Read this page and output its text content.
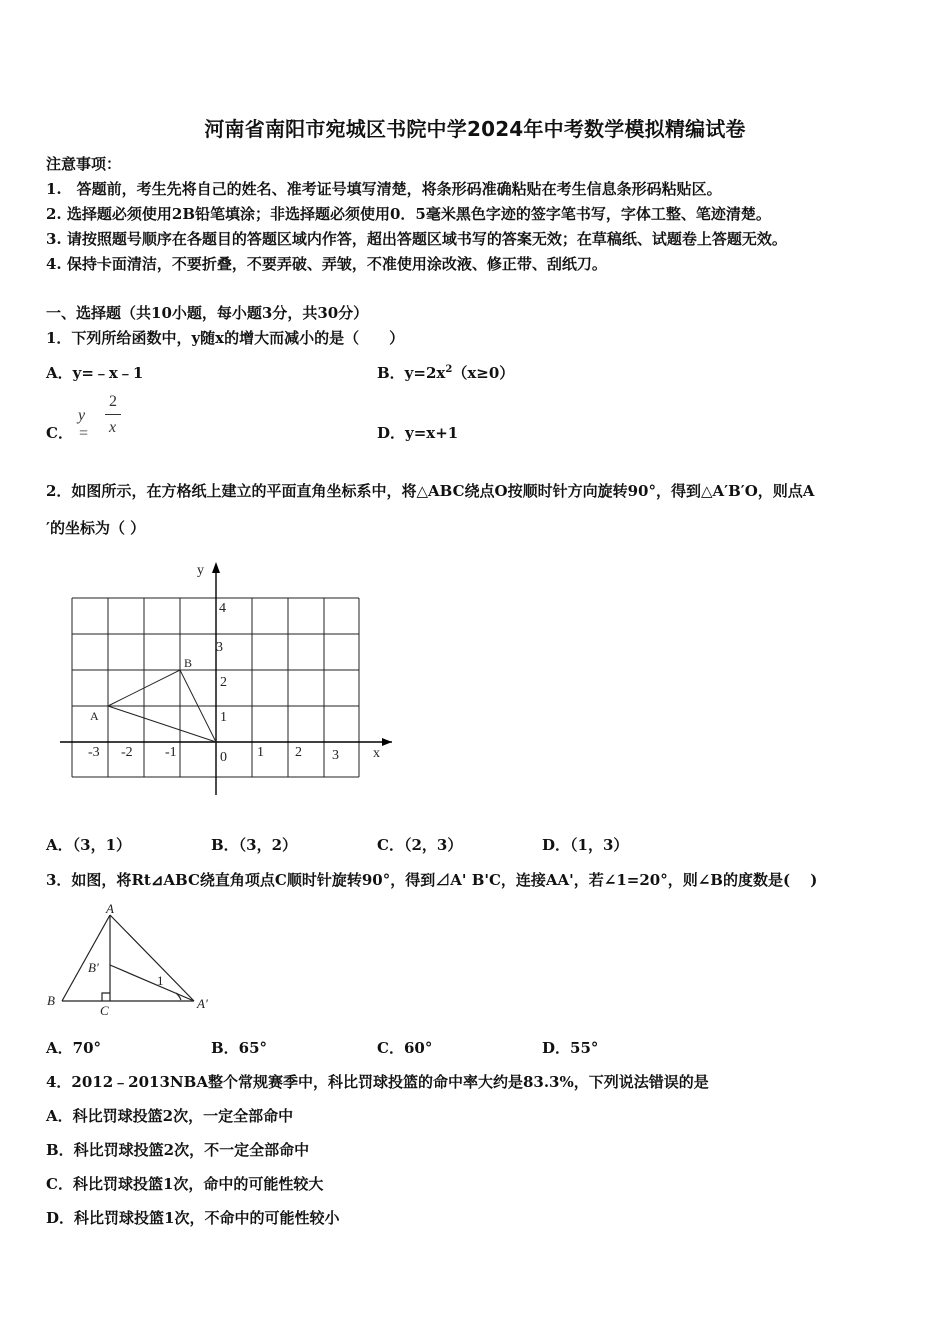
河南省南阳市宛城区书院中学2024年中考数学模拟精编试卷
注意事项：
1.　答题前，考生先将自己的姓名、准考证号填写清楚，将条形码准确粘贴在考生信息条形码粘贴区。
2. 选择题必须使用2B铅笔填涂；非选择题必须使用0．5毫米黑色字迹的签字笔书写，字体工整、笔迹清楚。
3. 请按照题号顺序在各题目的答题区域内作答，超出答题区域书写的答案无效；在草稿纸、试题卷上答题无效。
4. 保持卡面清洁，不要折叠，不要弄破、弄皱，不准使用涂改液、修正带、刮纸刀。
一、选择题（共10小题，每小题3分，共30分）
1．下列所给函数中，y随x的增大而减小的是（　　）
A．y=﹣x﹣1	B．$y=2x^2(x\ge 0)$
C．
y =
2
x	D．y=x+1
2．如图所示，在方格纸上建立的平面直角坐标系中，将△ABC绕点O按顺时针方向旋转90°，得到△A′B′O，则点A
′的坐标为（ ）
y
x
-3 -2 -1	1 2 3
0
1
2
3
4
A
B
A．（3，1）	B．（3，2）	C．（2，3）	D．（1，3）
3．如图，将Rt⊿ABC绕直角项点C顺时针旋转90°，得到⊿A' B'C，连接AA'，若∠1=20°，则∠B的度数是(　 )
A
B′
B
C	A′
1
A．70°	B．65°	C．60°	D．55°
4．2012﹣2013NBA整个常规赛季中，科比罚球投篮的命中率大约是83.3%，下列说法错误的是
A．科比罚球投篮2次，一定全部命中
B．科比罚球投篮2次，不一定全部命中
C．科比罚球投篮1次，命中的可能性较大
D．科比罚球投篮1次，不命中的可能性较小
